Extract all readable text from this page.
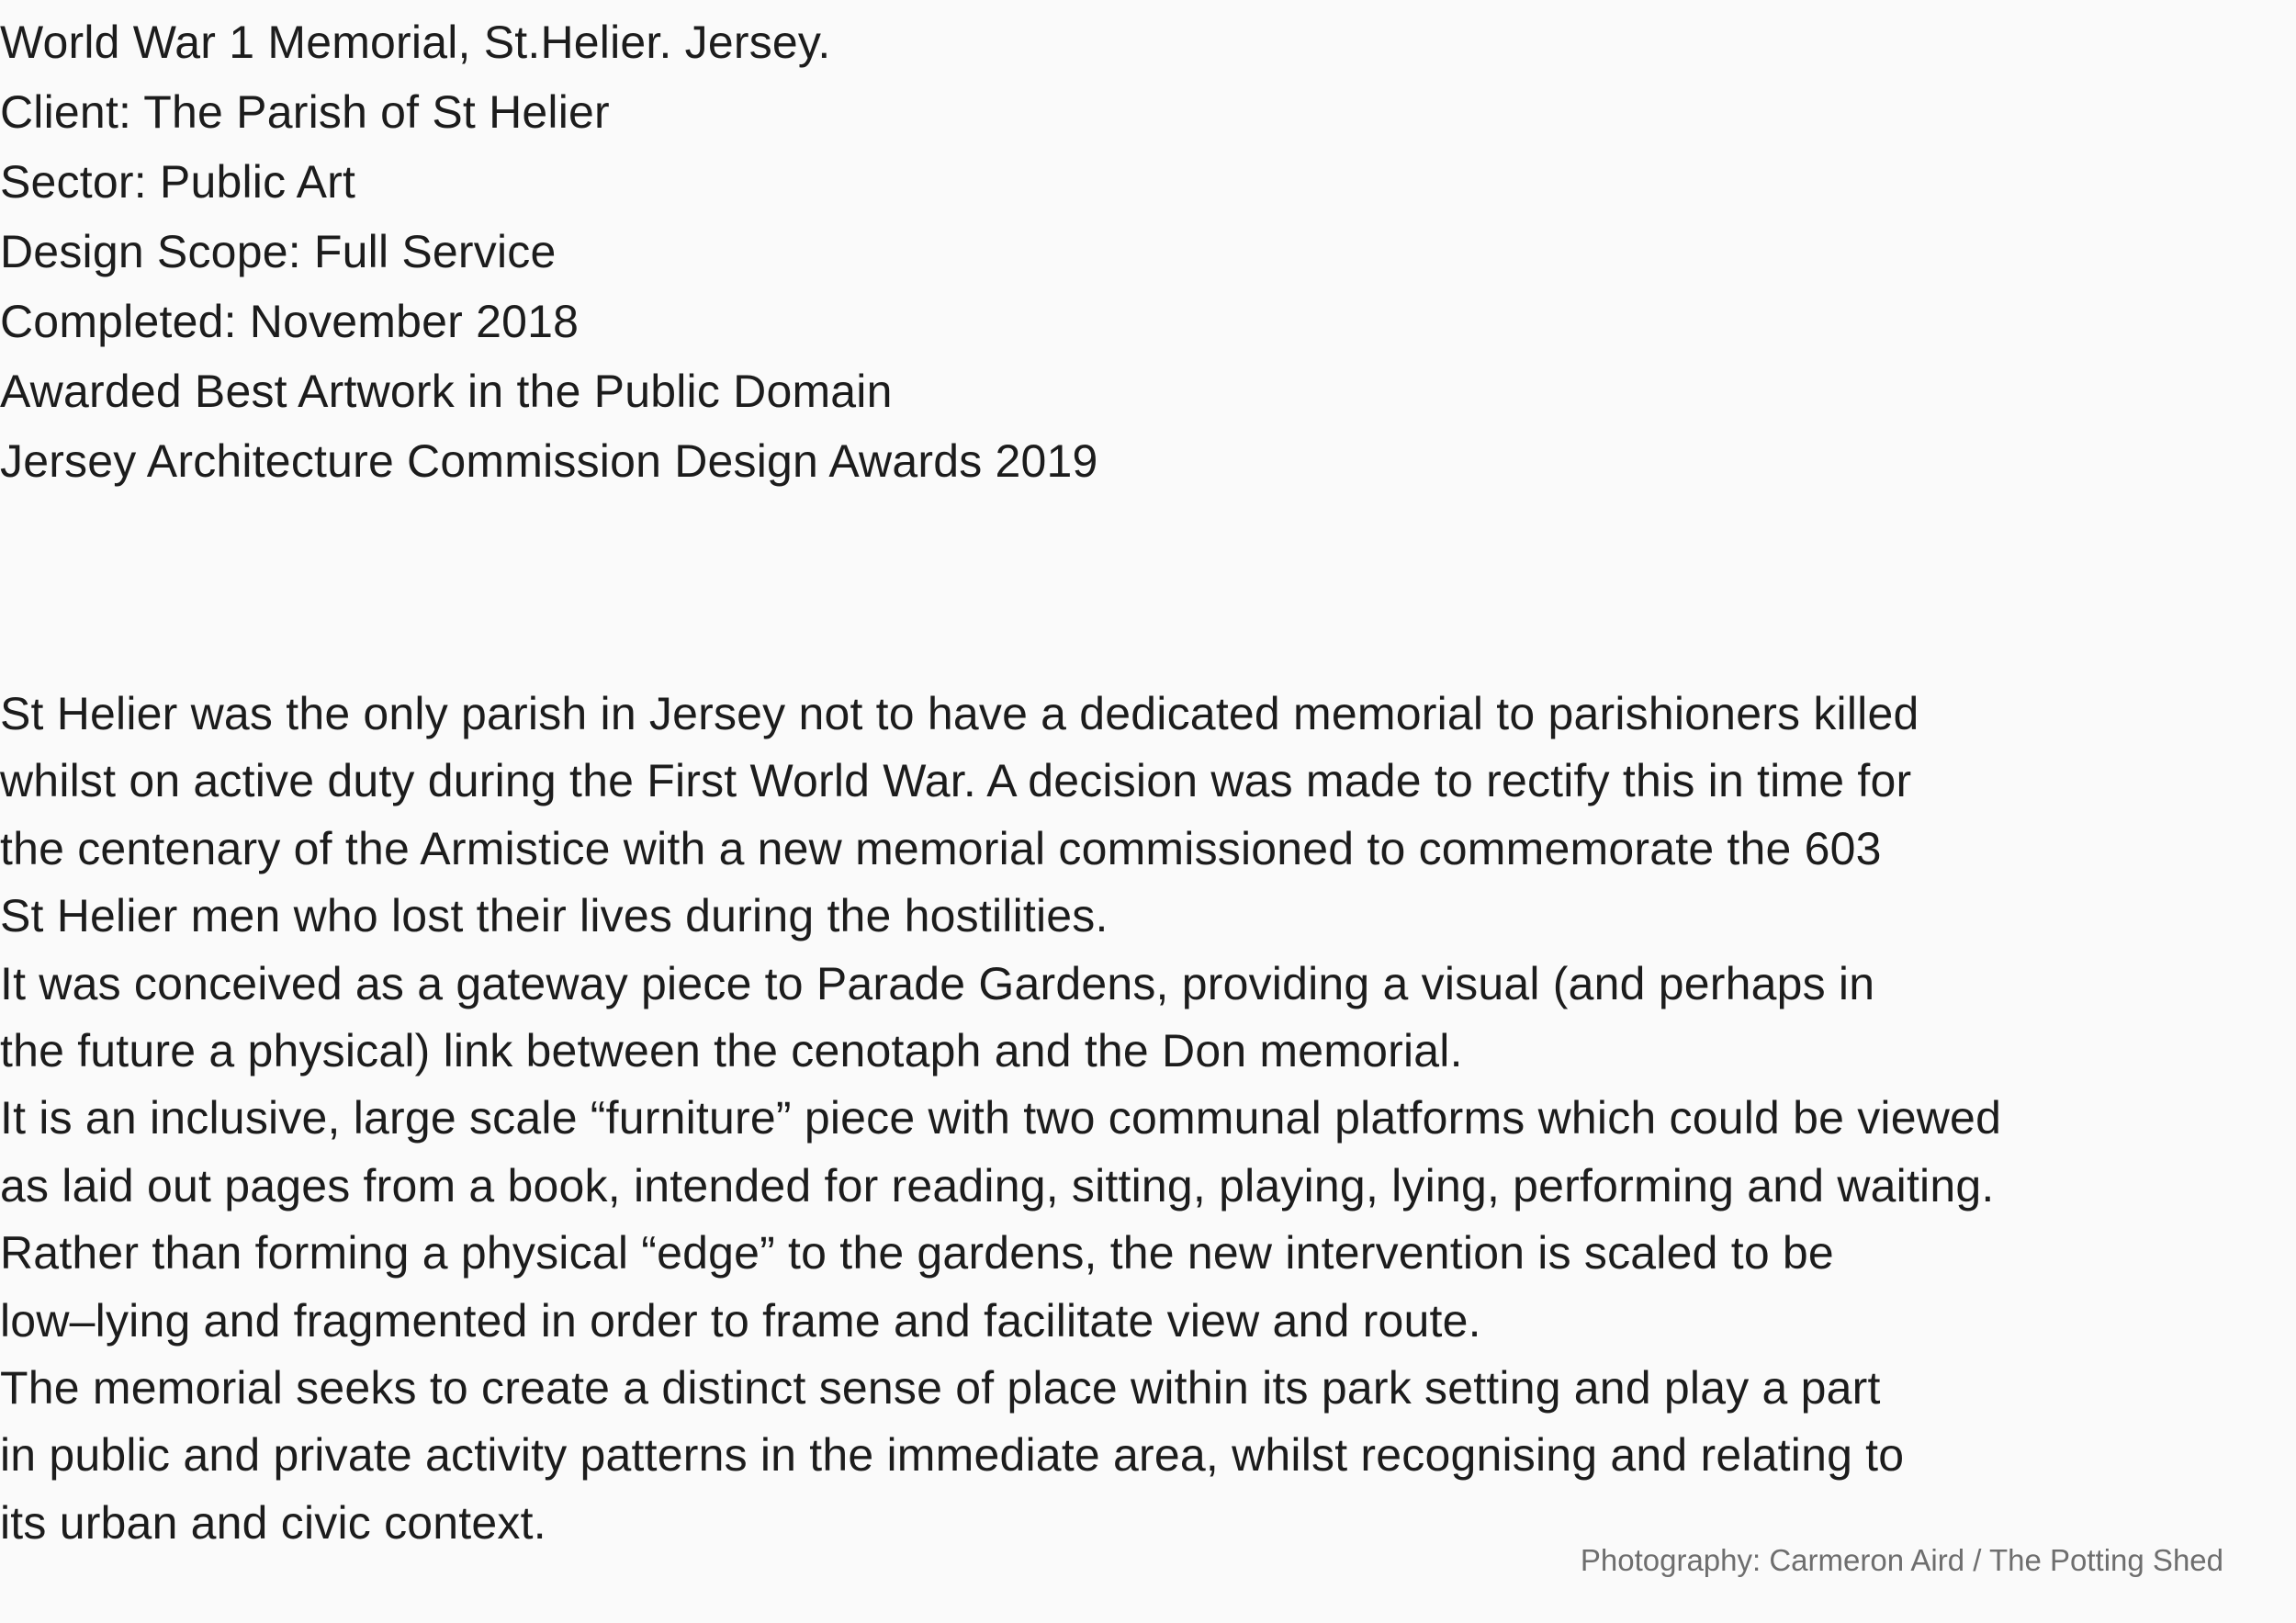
World War 1 Memorial, St.Helier. Jersey.

Client: The Parish of St Helier

Sector: Public Art

Design Scope: Full Service

Completed: November 2018

Awarded Best Artwork in the Public Domain

Jersey Architecture Commission Design Awards 2019

St Helier was the only parish in Jersey not to have a dedicated memorial to parishioners killed

whilst on active duty during the First World War. A decision was made to rectify this in time for

the centenary of the Armistice with a new memorial commissioned to commemorate the 603

St Helier men who lost their lives during the hostilities.

It was conceived as a gateway piece to Parade Gardens, providing a visual (and perhaps in

the future a physical) link between the cenotaph and the Don memorial.

It is an inclusive, large scale “furniture” piece with two communal platforms which could be viewed

as laid out pages from a book, intended for reading, sitting, playing, lying, performing and waiting.

Rather than forming a physical “edge” to the gardens, the new intervention is scaled to be

low–lying and fragmented in order to frame and facilitate view and route.

The memorial seeks to create a distinct sense of place within its park setting and play a part

in public and private activity patterns in the immediate area, whilst recognising and relating to

its urban and civic context.

Photography: Carmeron Aird / The Potting Shed
